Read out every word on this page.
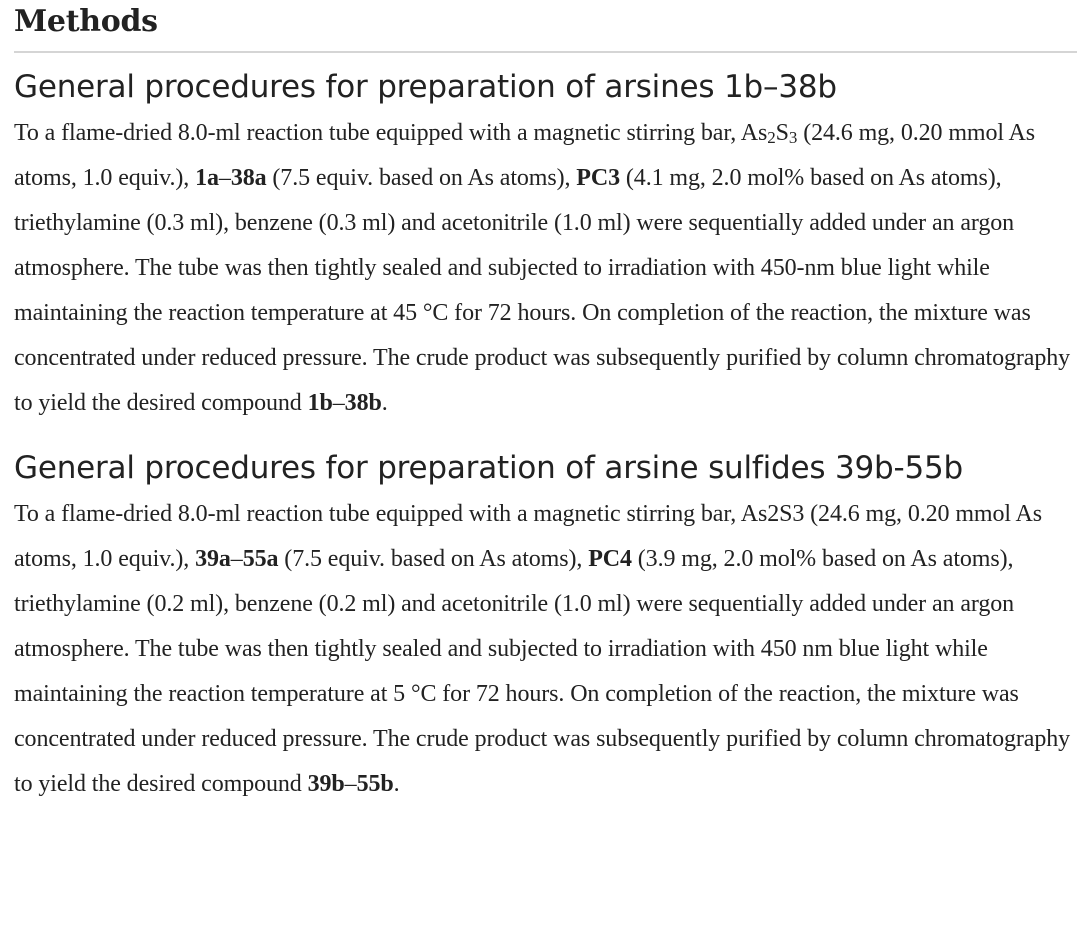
Methods
General procedures for preparation of arsines 1b–38b

To a flame-dried 8.0-ml reaction tube equipped with a magnetic stirring bar, $As_2S_3$ (24.6 mg, 0.20 mmol As atoms, 1.0 equiv.), 1a–38a (7.5 equiv. based on As atoms), PC3 (4.1 mg, 2.0 mol% based on As atoms), triethylamine (0.3 ml), benzene (0.3 ml) and acetonitrile (1.0 ml) were sequentially added under an argon atmosphere. The tube was then tightly sealed and subjected to irradiation with 450-nm blue light while maintaining the reaction temperature at 45 °C for 72 hours. On completion of the reaction, the mixture was concentrated under reduced pressure. The crude product was subsequently purified by column chromatography to yield the desired compound 1b–38b.

General procedures for preparation of arsine sulfides 39b-55b

To a flame-dried 8.0-ml reaction tube equipped with a magnetic stirring bar, As2S3 (24.6 mg, 0.20 mmol As atoms, 1.0 equiv.), 39a–55a (7.5 equiv. based on As atoms), PC4 (3.9 mg, 2.0 mol% based on As atoms), triethylamine (0.2 ml), benzene (0.2 ml) and acetonitrile (1.0 ml) were sequentially added under an argon atmosphere. The tube was then tightly sealed and subjected to irradiation with 450 nm blue light while maintaining the reaction temperature at 5 °C for 72 hours. On completion of the reaction, the mixture was concentrated under reduced pressure. The crude product was subsequently purified by column chromatography to yield the desired compound 39b–55b.
